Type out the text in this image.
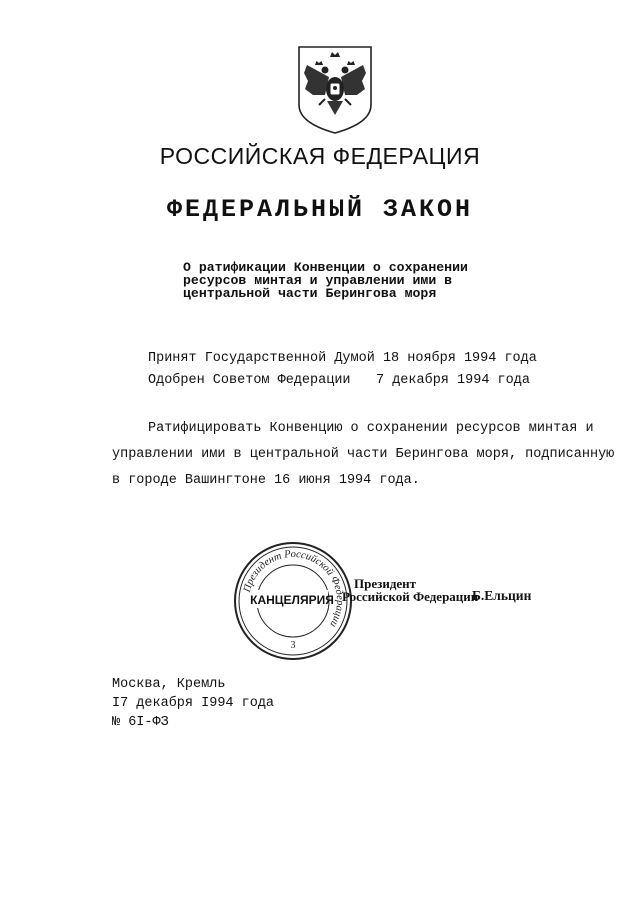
РОССИЙСКАЯ ФЕДЕРАЦИЯ
ФЕДЕРАЛЬНЫЙ ЗАКОН
О ратификации Конвенции о сохранении
ресурсов минтая и управлении ими в
центральной части Берингова моря
Принят Государственной Думой 18 ноября 1994 года
Одобрен Советом Федерации 7 декабря 1994 года
Ратифицировать Конвенцию о сохранении ресурсов минтая и
управлении ими в центральной части Берингова моря, подписанную
в городе Вашингтоне 16 июня 1994 года.
Президент Российской Федерации
КАНЦЕЛЯРИЯ
3
Президент
Российской Федерации
Б.Ельцин
Москва, Кремль
I7 декабря I994 года
№ 6I-ФЗ
